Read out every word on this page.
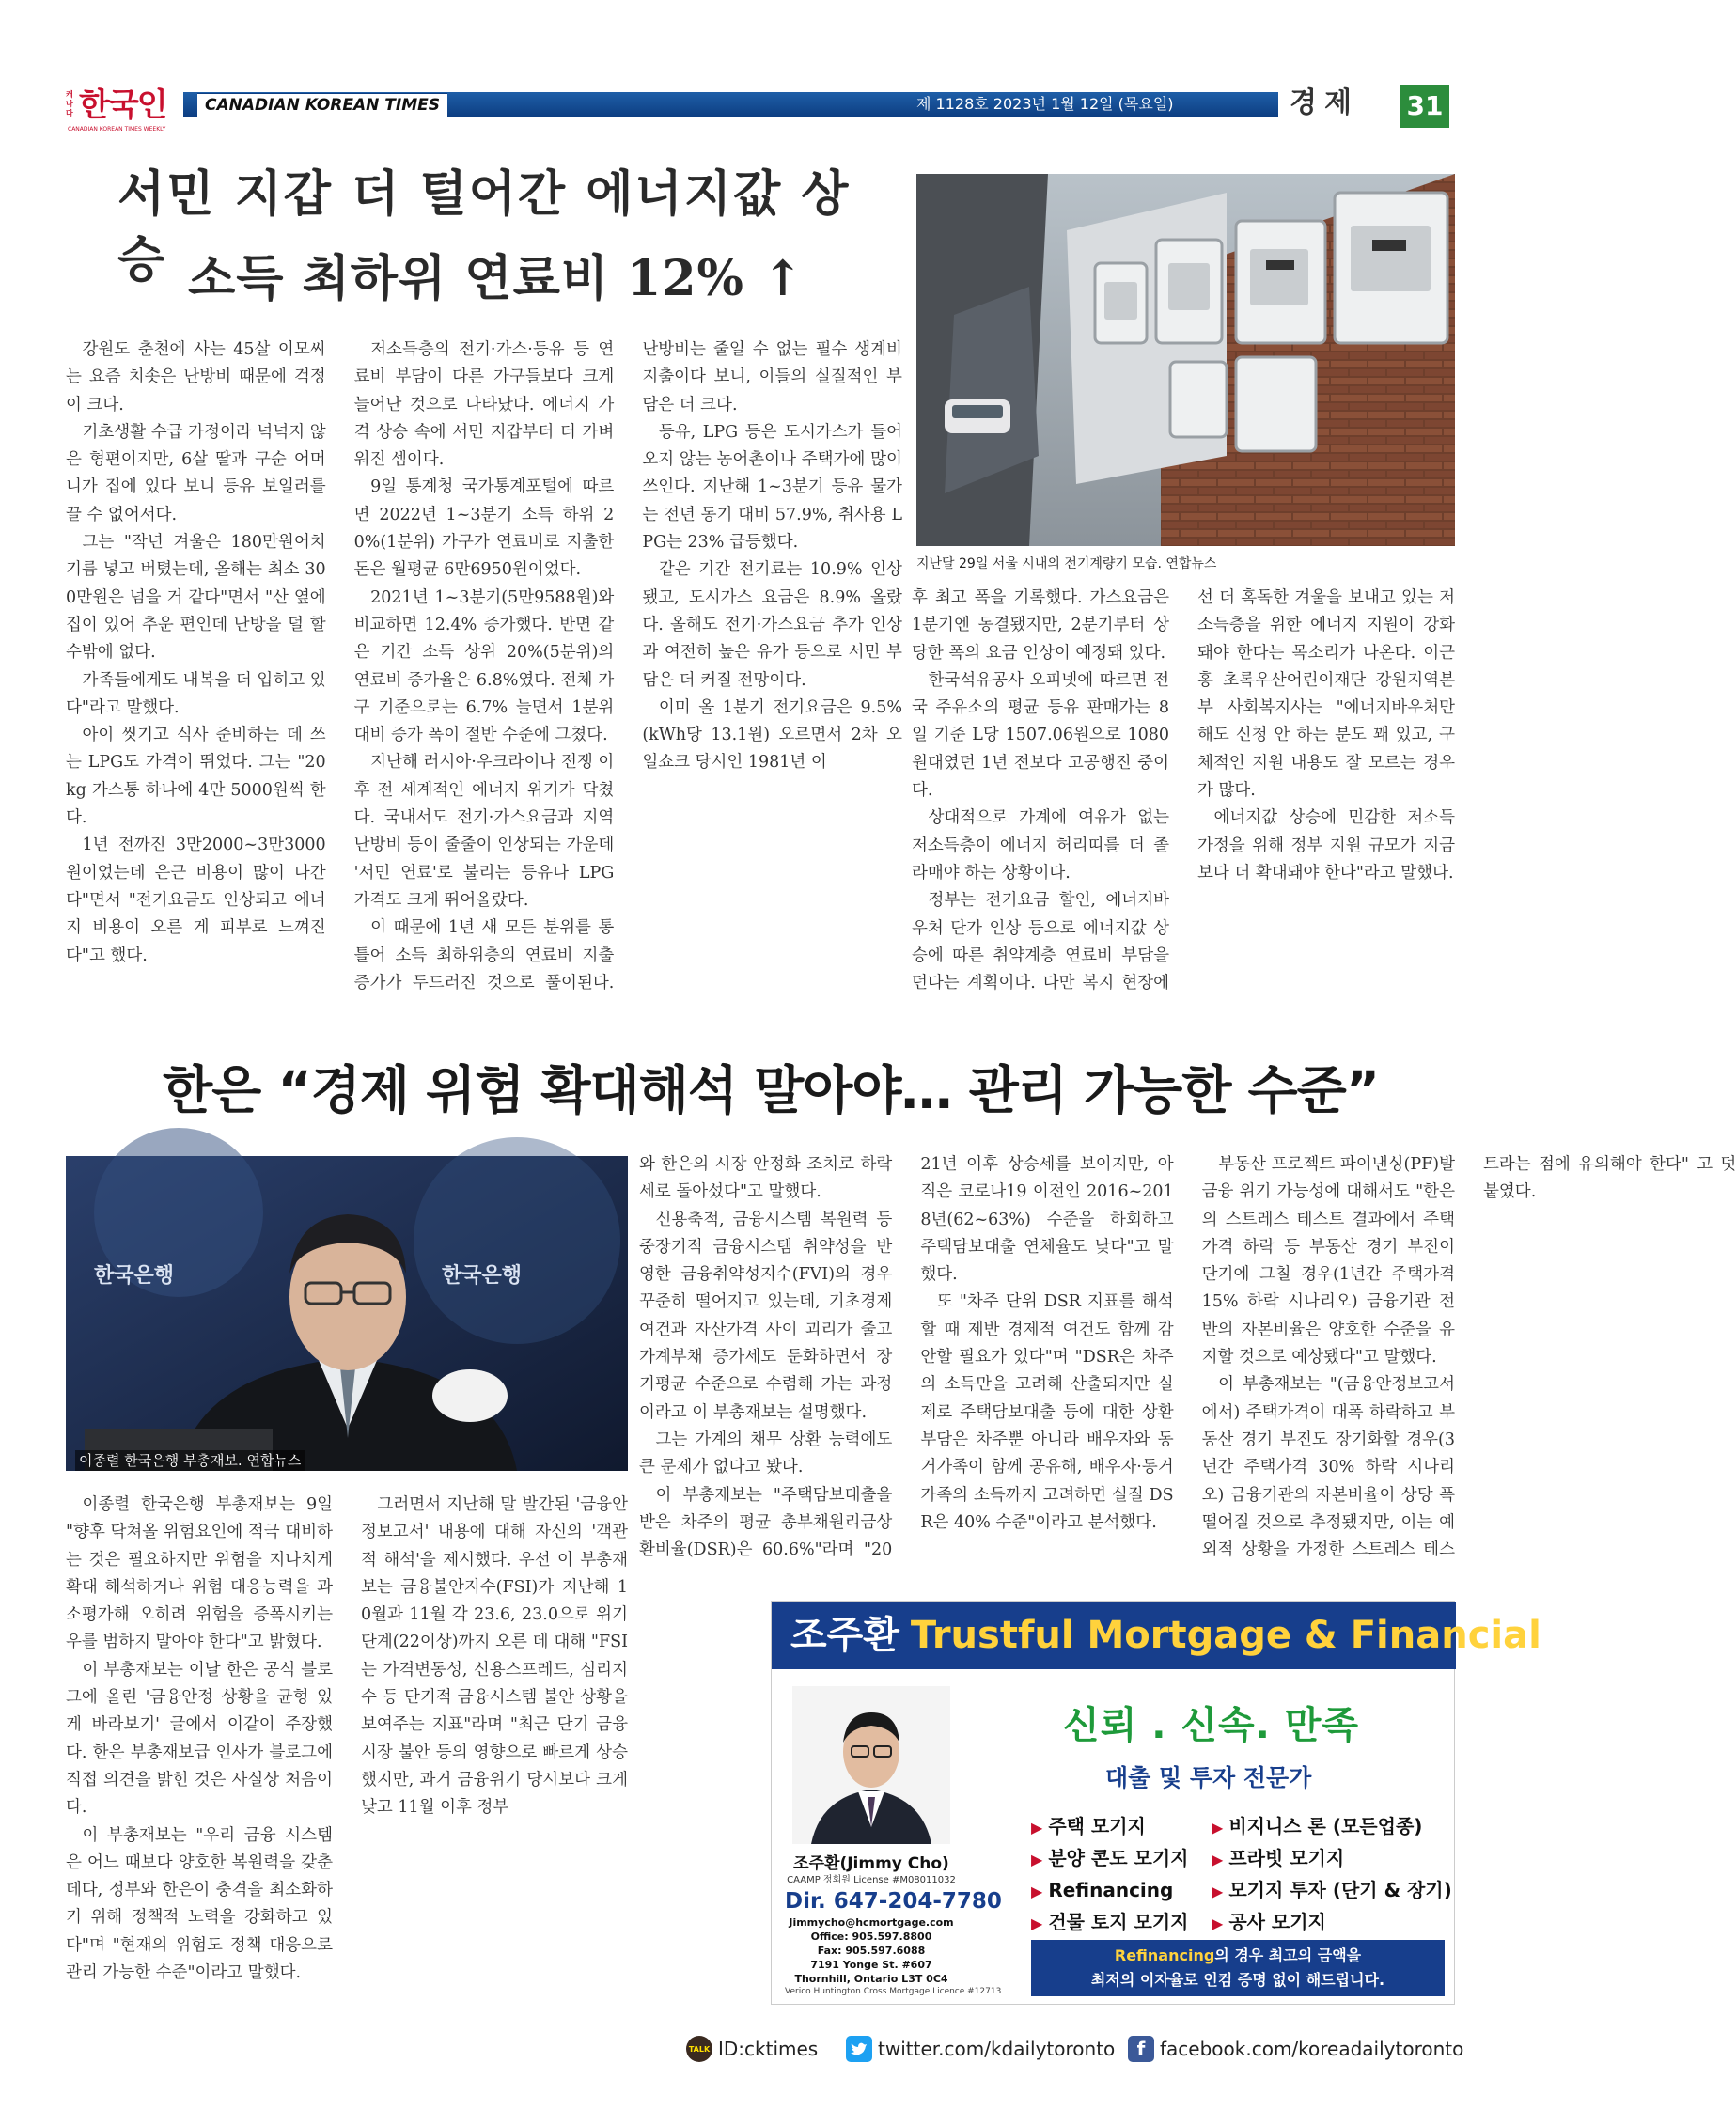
캐나다 한국인
CANADIAN KOREAN TIMES WEEKLY
CANADIAN KOREAN TIMES	제 1128호 2023년 1월 12일 (목요일)	경제	31
서민 지갑 더 털어간 에너지값 상승 소득 최하위 연료비 12% ↑
지난달 29일 서울 시내의 전기계량기 모습. 연합뉴스

강원도 춘천에 사는 45살 이모씨는 요즘 치솟은 난방비 때문에 걱정이 크다.

기초생활 수급 가정이라 넉넉지 않은 형편이지만, 6살 딸과 구순 어머니가 집에 있다 보니 등유 보일러를 끌 수 없어서다.

그는 "작년 겨울은 180만원어치 기름 넣고 버텼는데, 올해는 최소 300만원은 넘을 거 같다"면서 "산 옆에 집이 있어 추운 편인데 난방을 덜 할 수밖에 없다.

가족들에게도 내복을 더 입히고 있다"라고 말했다.

아이 씻기고 식사 준비하는 데 쓰는 LPG도 가격이 뛰었다. 그는 "20kg 가스통 하나에 4만 5000원씩 한다.

1년 전까진 3만2000~3만3000원이었는데 은근 비용이 많이 나간다"면서 "전기요금도 인상되고 에너지 비용이 오른 게 피부로 느껴진다"고 했다.

저소득층의 전기·가스·등유 등 연료비 부담이 다른 가구들보다 크게 늘어난 것으로 나타났다. 에너지 가격 상승 속에 서민 지갑부터 더 가벼워진 셈이다.

9일 통계청 국가통계포털에 따르면 2022년 1~3분기 소득 하위 20%(1분위) 가구가 연료비로 지출한 돈은 월평균 6만6950원이었다.

2021년 1~3분기(5만9588원)와 비교하면 12.4% 증가했다. 반면 같은 기간 소득 상위 20%(5분위)의 연료비 증가율은 6.8%였다. 전체 가구 기준으로는 6.7% 늘면서 1분위 대비 증가 폭이 절반 수준에 그쳤다.

지난해 러시아·우크라이나 전쟁 이후 전 세계적인 에너지 위기가 닥쳤다. 국내서도 전기·가스요금과 지역 난방비 등이 줄줄이 인상되는 가운데 '서민 연료'로 불리는 등유나 LPG 가격도 크게 뛰어올랐다.

이 때문에 1년 새 모든 분위를 통틀어 소득 최하위층의 연료비 지출 증가가 두드러진 것으로 풀이된다. 난방비는 줄일 수 없는 필수 생계비 지출이다 보니, 이들의 실질적인 부담은 더 크다.

등유, LPG 등은 도시가스가 들어오지 않는 농어촌이나 주택가에 많이 쓰인다. 지난해 1~3분기 등유 물가는 전년 동기 대비 57.9%, 취사용 LPG는 23% 급등했다.

같은 기간 전기료는 10.9% 인상됐고, 도시가스 요금은 8.9% 올랐다. 올해도 전기·가스요금 추가 인상과 여전히 높은 유가 등으로 서민 부담은 더 커질 전망이다.

이미 올 1분기 전기요금은 9.5%(kWh당 13.1원) 오르면서 2차 오일쇼크 당시인 1981년 이

후 최고 폭을 기록했다. 가스요금은 1분기엔 동결됐지만, 2분기부터 상당한 폭의 요금 인상이 예정돼 있다.

한국석유공사 오피넷에 따르면 전국 주유소의 평균 등유 판매가는 8일 기준 L당 1507.06원으로 1080원대였던 1년 전보다 고공행진 중이다.

상대적으로 가계에 여유가 없는 저소득층이 에너지 허리띠를 더 졸라매야 하는 상황이다.

정부는 전기요금 할인, 에너지바우처 단가 인상 등으로 에너지값 상승에 따른 취약계층 연료비 부담을 던다는 계획이다. 다만 복지 현장에선 더 혹독한 겨울을 보내고 있는 저소득층을 위한 에너지 지원이 강화돼야 한다는 목소리가 나온다. 이근홍 초록우산어린이재단 강원지역본부 사회복지사는 "에너지바우처만 해도 신청 안 하는 분도 꽤 있고, 구체적인 지원 내용도 잘 모르는 경우가 많다.

에너지값 상승에 민감한 저소득 가정을 위해 정부 지원 규모가 지금보다 더 확대돼야 한다"라고 말했다.

한은 “경제 위험 확대해석 말아야… 관리 가능한 수준”
한국은행	한국은행
이종렬 한국은행 부총재보. 연합뉴스

이종렬 한국은행 부총재보는 9일 "향후 닥쳐올 위험요인에 적극 대비하는 것은 필요하지만 위험을 지나치게 확대 해석하거나 위험 대응능력을 과소평가해 오히려 위험을 증폭시키는 우를 범하지 말아야 한다"고 밝혔다.

이 부총재보는 이날 한은 공식 블로그에 올린 '금융안정 상황을 균형 있게 바라보기' 글에서 이같이 주장했다. 한은 부총재보급 인사가 블로그에 직접 의견을 밝힌 것은 사실상 처음이다.

이 부총재보는 "우리 금융 시스템은 어느 때보다 양호한 복원력을 갖춘 데다, 정부와 한은이 충격을 최소화하기 위해 정책적 노력을 강화하고 있다"며 "현재의 위험도 정책 대응으로 관리 가능한 수준"이라고 말했다.

그러면서 지난해 말 발간된 '금융안정보고서' 내용에 대해 자신의 '객관적 해석'을 제시했다. 우선 이 부총재보는 금융불안지수(FSI)가 지난해 10월과 11월 각 23.6, 23.0으로 위기단계(22이상)까지 오른 데 대해 "FSI는 가격변동성, 신용스프레드, 심리지수 등 단기적 금융시스템 불안 상황을 보여주는 지표"라며 "최근 단기 금융시장 불안 등의 영향으로 빠르게 상승했지만, 과거 금융위기 당시보다 크게 낮고 11월 이후 정부

와 한은의 시장 안정화 조치로 하락세로 돌아섰다"고 말했다.

신용축적, 금융시스템 복원력 등 중장기적 금융시스템 취약성을 반영한 금융취약성지수(FVI)의 경우 꾸준히 떨어지고 있는데, 기초경제 여건과 자산가격 사이 괴리가 줄고 가계부채 증가세도 둔화하면서 장기평균 수준으로 수렴해 가는 과정이라고 이 부총재보는 설명했다.

그는 가계의 채무 상환 능력에도 큰 문제가 없다고 봤다.

이 부총재보는 "주택담보대출을 받은 차주의 평균 총부채원리금상환비율(DSR)은 60.6%"라며 "2021년 이후 상승세를 보이지만, 아직은 코로나19 이전인 2016~2018년(62~63%) 수준을 하회하고 주택담보대출 연체율도 낮다"고 말했다.

또 "차주 단위 DSR 지표를 해석할 때 제반 경제적 여건도 함께 감안할 필요가 있다"며 "DSR은 차주의 소득만을 고려해 산출되지만 실제로 주택담보대출 등에 대한 상환 부담은 차주뿐 아니라 배우자와 동거가족이 함께 공유해, 배우자·동거가족의 소득까지 고려하면 실질 DSR은 40% 수준"이라고 분석했다.

부동산 프로젝트 파이낸싱(PF)발 금융 위기 가능성에 대해서도 "한은의 스트레스 테스트 결과에서 주택가격 하락 등 부동산 경기 부진이 단기에 그칠 경우(1년간 주택가격 15% 하락 시나리오) 금융기관 전반의 자본비율은 양호한 수준을 유지할 것으로 예상됐다"고 말했다.

이 부총재보는 "(금융안정보고서에서) 주택가격이 대폭 하락하고 부동산 경기 부진도 장기화할 경우(3년간 주택가격 30% 하락 시나리오) 금융기관의 자본비율이 상당 폭 떨어질 것으로 추정됐지만, 이는 예외적 상황을 가정한 스트레스 테스트라는 점에 유의해야 한다" 고 덧붙였다.

조주환 Trustful Mortgage & Financial
조주환(Jimmy Cho)
CAAMP 정회원 License #M08011032
Dir. 647-204-7780
Jimmycho@hcmortgage.com
Office: 905.597.8800
Fax: 905.597.6088
7191 Yonge St. #607
Thornhill, Ontario L3T 0C4
Verico Huntington Cross Mortgage Licence #12713
신뢰 . 신속. 만족
대출 및 투자 전문가
▶ 주택 모기지	▶ 비지니스 론 (모든업종)
▶ 분양 콘도 모기지	▶ 프라빗 모기지
▶ Refinancing	▶ 모기지 투자 (단기 & 장기)
▶ 건물 토지 모기지	▶ 공사 모기지
Refinancing의 경우 최고의 금액을
최저의 이자율로 인컴 증명 없이 해드립니다.
TALK ID:cktimes	twitter.com/kdailytoronto	f facebook.com/koreadailytoronto
